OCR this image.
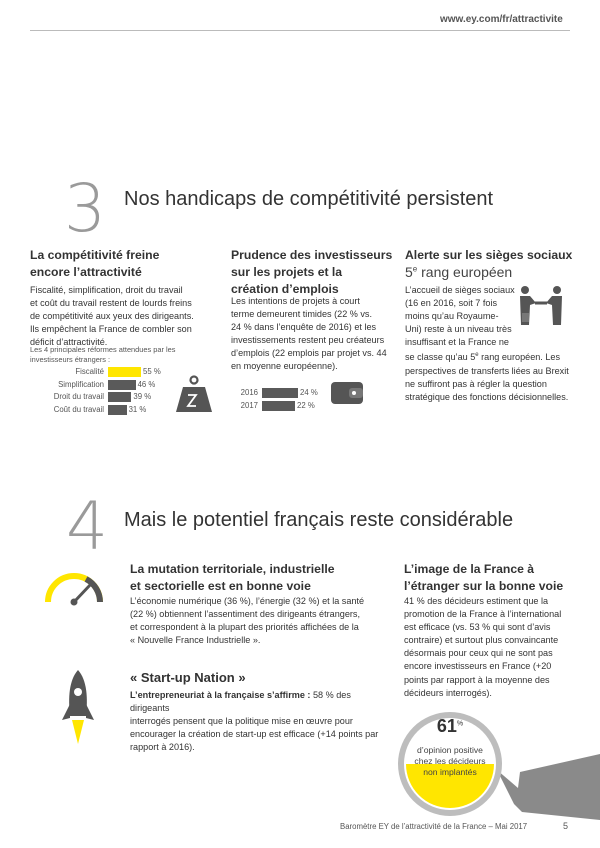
www.ey.com/fr/attractivite
3 Nos handicaps de compétitivité persistent
La compétitivité freine
encore l’attractivité
Fiscalité, simplification, droit du travail
et coût du travail restent de lourds freins
de compétitivité aux yeux des dirigeants.
Ils empêchent la France de combler son
déficit d’attractivité.
Les 4 principales réformes attendues par les
investisseurs étrangers :
Fiscalité	55 %
Simplification	46 %
Droit du travail	39 %
Coût du travail	31 %
Prudence des investisseurs
sur les projets et la
création d’emplois
Les intentions de projets à court
terme demeurent timides (22 % vs.
24 % dans l’enquête de 2016) et les
investissements restent peu créateurs
d’emplois (22 emplois par projet vs. 44
en moyenne européenne).
2016	24 %
2017	22 %
Alerte sur les sièges sociaux
5e rang européen
L’accueil de sièges sociaux
(16 en 2016, soit 7 fois
moins qu’au Royaume-
Uni) reste à un niveau très
insuffisant et la France ne
se classe qu’au 5e rang européen. Les
perspectives de transferts liées au Brexit
ne suffiront pas à régler la question
stratégique des fonctions décisionnelles.
4 Mais le potentiel français reste considérable
La mutation territoriale, industrielle
et sectorielle est en bonne voie
L’économie numérique (36 %), l’énergie (32 %) et la santé
(22 %) obtiennent l’assentiment des dirigeants étrangers,
et correspondent à la plupart des priorités affichées de la
« Nouvelle France Industrielle ».
« Start-up Nation »
L’entrepreneuriat à la française s’affirme : 58 % des dirigeants
interrogés pensent que la politique mise en œuvre pour
encourager la création de start-up est efficace (+14 points par
rapport à 2016).
L’image de la France à
l’étranger sur la bonne voie
41 % des décideurs estiment que la
promotion de la France à l’international
est efficace (vs. 53 % qui sont d’avis
contraire) et surtout plus convaincante
désormais pour ceux qui ne sont pas
encore investisseurs en France (+20
points par rapport à la moyenne des
décideurs interrogés).
61%
d’opinion positive
chez les décideurs
non implantés
Baromètre EY de l’attractivité de la France – Mai 2017	5
